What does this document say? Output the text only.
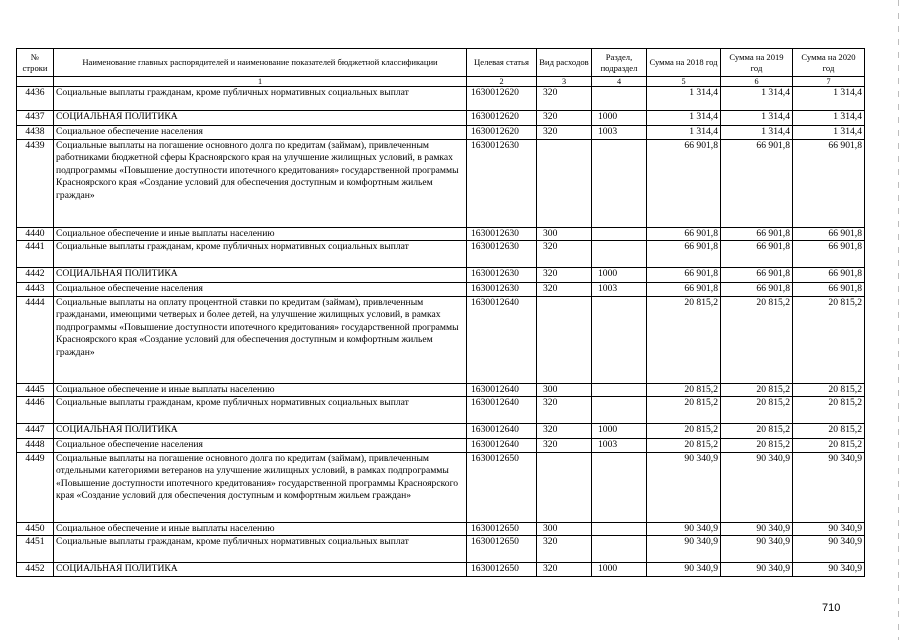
№ строки	Наименование главных распорядителей и наименование показателей бюджетной классификации	Целевая статья	Вид расходов	Раздел, подраздел	Сумма на 2018 год	Сумма на 2019 год	Сумма на 2020 год
	1	2	3	4	5	6	7
4436	Социальные выплаты гражданам, кроме публичных нормативных социальных выплат	1630012620	320		1 314,4	1 314,4	1 314,4
4437	СОЦИАЛЬНАЯ ПОЛИТИКА	1630012620	320	1000	1 314,4	1 314,4	1 314,4
4438	Социальное обеспечение населения	1630012620	320	1003	1 314,4	1 314,4	1 314,4
4439	Социальные выплаты на погашение основного долга по кредитам (займам), привлеченным работниками бюджетной сферы Красноярского края на улучшение жилищных условий, в рамках подпрограммы «Повышение доступности ипотечного кредитования» государственной программы Красноярского края «Создание условий для обеспечения доступным и комфортным жильем граждан»	1630012630			66 901,8	66 901,8	66 901,8
4440	Социальное обеспечение и иные выплаты населению	1630012630	300		66 901,8	66 901,8	66 901,8
4441	Социальные выплаты гражданам, кроме публичных нормативных социальных выплат	1630012630	320		66 901,8	66 901,8	66 901,8
4442	СОЦИАЛЬНАЯ ПОЛИТИКА	1630012630	320	1000	66 901,8	66 901,8	66 901,8
4443	Социальное обеспечение населения	1630012630	320	1003	66 901,8	66 901,8	66 901,8
4444	Социальные выплаты на оплату процентной ставки по кредитам (займам), привлеченным гражданами, имеющими четверых и более детей, на улучшение жилищных условий, в рамках подпрограммы «Повышение доступности ипотечного кредитования» государственной программы Красноярского края «Создание условий для обеспечения доступным и комфортным жильем граждан»	1630012640			20 815,2	20 815,2	20 815,2
4445	Социальное обеспечение и иные выплаты населению	1630012640	300		20 815,2	20 815,2	20 815,2
4446	Социальные выплаты гражданам, кроме публичных нормативных социальных выплат	1630012640	320		20 815,2	20 815,2	20 815,2
4447	СОЦИАЛЬНАЯ ПОЛИТИКА	1630012640	320	1000	20 815,2	20 815,2	20 815,2
4448	Социальное обеспечение населения	1630012640	320	1003	20 815,2	20 815,2	20 815,2
4449	Социальные выплаты на погашение основного долга по кредитам (займам), привлеченным отдельными категориями ветеранов на улучшение жилищных условий, в рамках подпрограммы «Повышение доступности ипотечного кредитования» государственной программы Красноярского края «Создание условий для обеспечения доступным и комфортным жильем граждан»	1630012650			90 340,9	90 340,9	90 340,9
4450	Социальное обеспечение и иные выплаты населению	1630012650	300		90 340,9	90 340,9	90 340,9
4451	Социальные выплаты гражданам, кроме публичных нормативных социальных выплат	1630012650	320		90 340,9	90 340,9	90 340,9
4452	СОЦИАЛЬНАЯ ПОЛИТИКА	1630012650	320	1000	90 340,9	90 340,9	90 340,9
710
